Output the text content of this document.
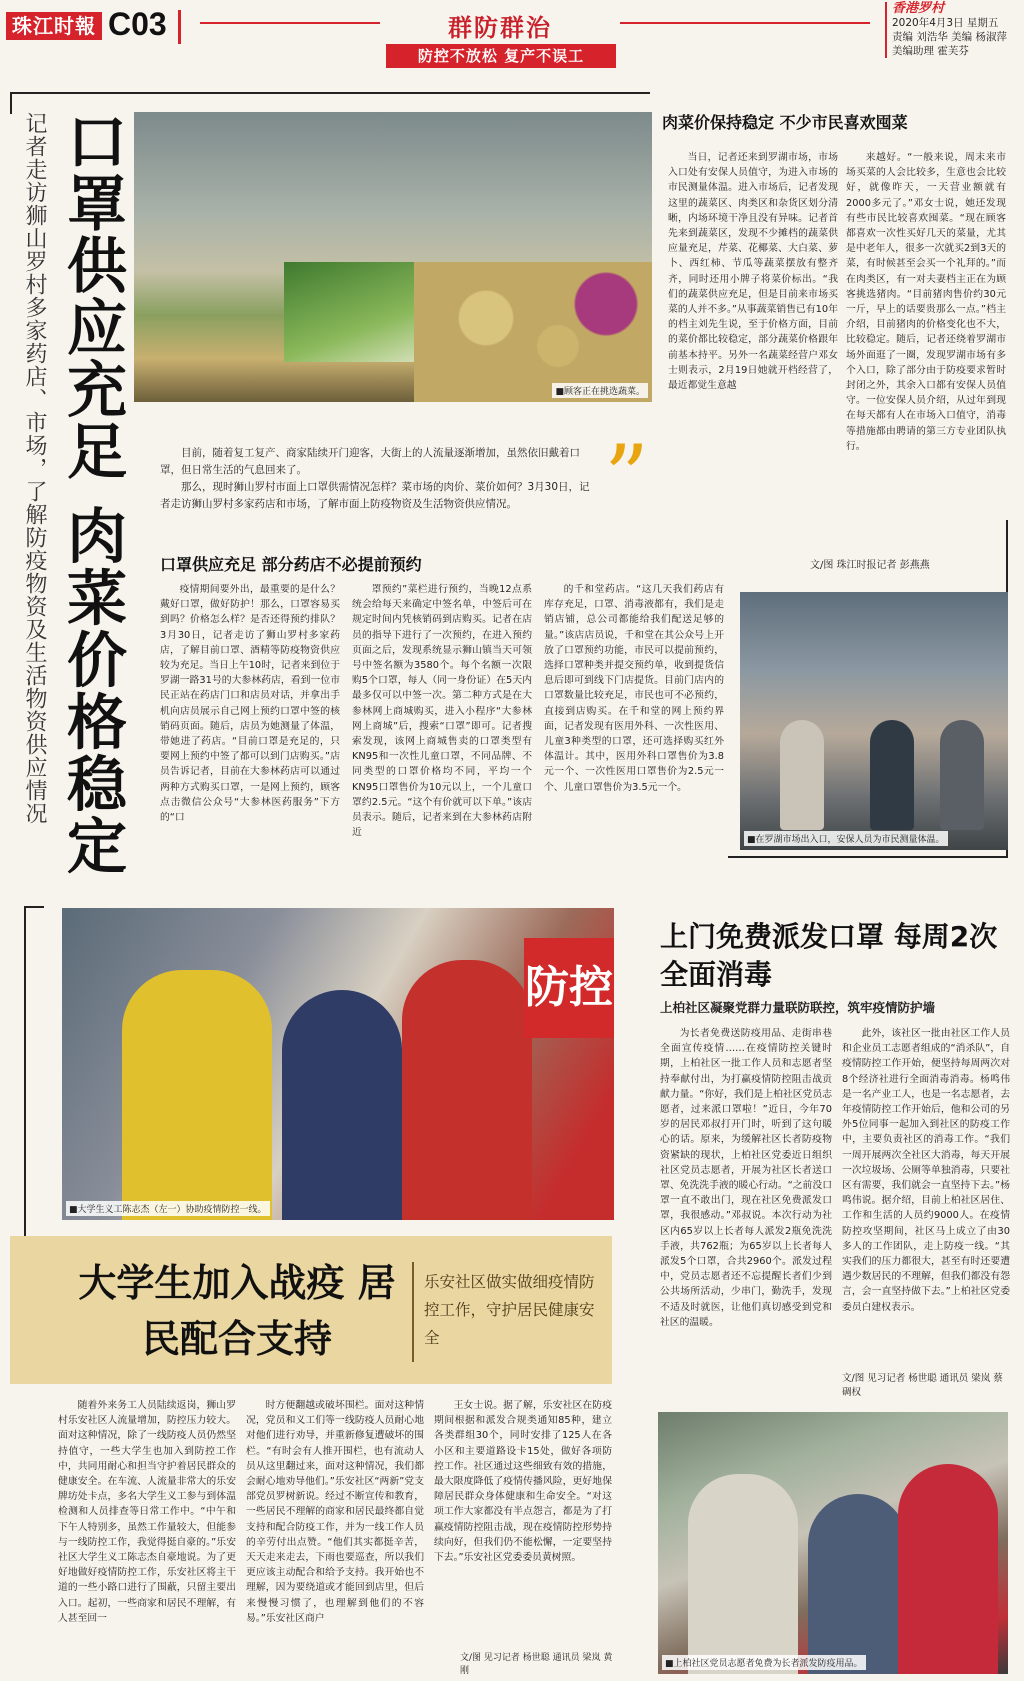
珠江时報 C03	群防群治
防控不放松 复产不误工
香港罗村
2020年4月3日 星期五
责编 刘浩华 美编 杨淑萍
美编助理 霍芙芬
记者走访狮山罗村多家药店、市场，了解防疫物资及生活物资供应情况 口罩供应充足 肉菜价格稳定	■顾客正在挑选蔬菜。

目前，随着复工复产、商家陆续开门迎客，大街上的人流量逐渐增加，虽然依旧戴着口罩，但日常生活的气息回来了。

那么，现时狮山罗村市面上口罩供需情况怎样？菜市场的肉价、菜价如何？3月30日，记者走访狮山罗村多家药店和市场，了解市面上防疫物资及生活物资供应情况。 ”
肉菜价保持稳定 不少市民喜欢囤菜
当日，记者还来到罗湖市场，市场入口处有安保人员值守，为进入市场的市民测量体温。进入市场后，记者发现这里的蔬菜区、肉类区和杂货区划分清晰，内场环境干净且没有异味。记者首先来到蔬菜区，发现不少摊档的蔬菜供应量充足，芹菜、花椰菜、大白菜、萝卜、西红柿、节瓜等蔬菜摆放有整齐齐，同时还用小牌子将菜价标出。“我们的蔬菜供应充足，但是目前来市场买菜的人并不多。”从事蔬菜销售已有10年的档主刘先生说，至于价格方面，目前的菜价都比较稳定，部分蔬菜价格跟年前基本持平。另外一名蔬菜经营户邓女士则表示，2月19日她就开档经营了，最近都觉生意越
来越好。“一般来说，周末来市场买菜的人会比较多，生意也会比较好，就像昨天，一天营业额就有2000多元了。”邓女士说，她还发现有些市民比较喜欢囤菜。“现在顾客都喜欢一次性买好几天的菜量，尤其是中老年人，很多一次就买2到3天的菜，有时候甚至会买一个礼拜的。”而在肉类区，有一对夫妻档主正在为顾客挑选猪肉。“目前猪肉售价约30元一斤，早上的话要贵那么一点。”档主介绍，目前猪肉的价格变化也不大，比较稳定。随后，记者还绕着罗湖市场外面逛了一圈，发现罗湖市场有多个入口，除了部分由于防疫要求暂时封闭之外，其余入口都有安保人员值守。一位安保人员介绍，从过年到现在每天都有人在市场入口值守，消毒等措施都由聘请的第三方专业团队执行。
文/图 珠江时报记者 彭燕燕
口罩供应充足 部分药店不必提前预约
疫情期间要外出，最重要的是什么？戴好口罩，做好防护！那么，口罩容易买到吗？价格怎么样？是否还得预约排队？3月30日，记者走访了狮山罗村多家药店，了解目前口罩、酒精等防疫物资供应较为充足。当日上午10时，记者来到位于罗湖一路31号的大参林药店，看到一位市民正站在药店门口和店员对话，并拿出手机向店员展示自己网上预约口罩中签的核销码页面。随后，店员为她测量了体温，带她进了药店。“目前口罩是充足的，只要网上预约中签了都可以到门店购买。”店员告诉记者，目前在大参林药店可以通过两种方式购买口罩，一是网上预约，顾客点击微信公众号“大参林医药服务”下方的“口
罩预约”菜栏进行预约，当晚12点系统会给每天来确定中签名单，中签后可在规定时间内凭核销码到店购买。记者在店员的指导下进行了一次预约，在进入预约页面之后，发现系统显示狮山镇当天可领号中签名额为3580个。每个名额一次限购5个口罩，每人（同一身份证）在5天内最多仅可以中签一次。第二种方式是在大参林网上商城购买，进入小程序“大参林网上商城”后，搜索“口罩”即可。记者搜索发现，该网上商城售卖的口罩类型有KN95和一次性儿童口罩，不同品牌、不同类型的口罩价格均不同，平均一个KN95口罩售价为10元以上，一个儿童口罩约2.5元。“这个有价就可以下单。”该店员表示。随后，记者来到在大参林药店附近
的千和堂药店。“这几天我们药店有库存充足，口罩、消毒液都有，我们是走销店铺，总公司都能给我们配送足够的量。”该店店员说，千和堂在其公众号上开放了口罩预约功能，市民可以提前预约，选择口罩种类并提交预约单，收到提货信息后即可到线下门店提货。目前门店内的口罩数量比较充足，市民也可不必预约，直接到店购买。在千和堂的网上预约界面，记者发现有医用外科、一次性医用、儿童3种类型的口罩，还可选择购买红外体温计。其中，医用外科口罩售价为3.8元一个、一次性医用口罩售价为2.5元一个、儿童口罩售价为3.5元一个。
■在罗湖市场出入口，安保人员为市民测量体温。
防控
■大学生义工陈志杰（左一）协助疫情防控一线。
大学生加入战疫 居民配合支持
乐安社区做实做细疫情防控工作，守护居民健康安全
随着外来务工人员陆续返岗，狮山罗村乐安社区人流量增加，防控压力较大。面对这种情况，除了一线防疫人员仍然坚持值守，一些大学生也加入到防控工作中，共同用耐心和担当守护着居民群众的健康安全。在车流、人流量非常大的乐安牌坊处卡点，多名大学生义工参与到体温检测和人员排查等日常工作中。“中午和下午人特别多，虽然工作量较大，但能参与一线防控工作，我觉得挺自豪的。”乐安社区大学生义工陈志杰自豪地说。为了更好地做好疫情防控工作，乐安社区将主干道的一些小路口进行了围蔽，只留主要出入口。起初，一些商家和居民不理解，有人甚至回一
时方便翻越或破坏围栏。面对这种情况，党员和义工们等一线防疫人员耐心地对他们进行劝导，并重新修复遭破坏的围栏。“有时会有人推开围栏，也有流动人员从这里翻过来，面对这种情况，我们都会耐心地劝导他们。”乐安社区“两新”党支部党员罗树新说。经过不断宣传和教育，一些居民不理解的商家和居民最终都自觉支持和配合防疫工作，并为一线工作人员的辛劳付出点赞。“他们其实都挺辛苦，天天走来走去，下雨也要巡查，所以我们更应该主动配合和给予支持。我开始也不理解，因为要绕道或才能回到店里，但后来慢慢习惯了，也理解到他们的不容易。”乐安社区商户
王女士说。据了解，乐安社区在防疫期间根据和派发合规类通知85种，建立各类群组30个，同时安排了125人在各小区和主要道路设卡15处，做好各项防控工作。社区通过这些细致有效的措施，最大限度降低了疫情传播风险，更好地保障居民群众身体健康和生命安全。“对这项工作大家都没有半点怨言，都是为了打赢疫情防控阻击战，现在疫情防控形势持续向好，但我们仍不能松懈，一定要坚持下去。”乐安社区党委委员黄树照。
文/图 见习记者 杨世聪 通讯员 梁岚 黄刚
上门免费派发口罩 每周2次全面消毒
上柏社区凝聚党群力量联防联控，筑牢疫情防护墙
为长者免费送防疫用品、走街串巷全面宣传疫情……在疫情防控关键时期，上柏社区一批工作人员和志愿者坚持奉献付出，为打赢疫情防控阻击战贡献力量。“你好，我们是上柏社区党员志愿者，过来派口罩啦！”近日，今年70岁的居民邓叔打开门时，听到了这句暖心的话。原来，为缓解社区长者防疫物资紧缺的现状，上柏社区党委近日组织社区党员志愿者，开展为社区长者送口罩、免洗洗手液的暖心行动。“之前没口罩一直不敢出门，现在社区免费派发口罩，我很感动。”邓叔说。本次行动为社区内65岁以上长者每人派发2瓶免洗洗手液，共762瓶；为65岁以上长者每人派发5个口罩，合共2960个。派发过程中，党员志愿者还不忘提醒长者们少到公共场所活动，少串门，勤洗手，发现不适及时就医，让他们真切感受到党和社区的温暖。
此外，该社区一批由社区工作人员和企业员工志愿者组成的“消杀队”，自疫情防控工作开始，便坚持每周两次对8个经济社进行全面消毒消毒。杨鸣伟是一名产业工人，也是一名志愿者，去年疫情防控工作开始后，他和公司的另外5位同事一起加入到社区的防疫工作中，主要负责社区的消毒工作。“我们一周开展两次全社区大消毒，每天开展一次垃圾场、公厕等单独消毒，只要社区有需要，我们就会一直坚持下去。”杨鸣伟说。据介绍，目前上柏社区居住、工作和生活的人员约9000人。在疫情防控攻坚期间，社区马上成立了由30多人的工作团队，走上防疫一线。“其实我们的压力都很大，甚至有时还要遭遇少数居民的不理解，但我们都没有怨言，会一直坚持做下去。”上柏社区党委委员白建权表示。
文/图 见习记者 杨世聪 通讯员 梁岚 蔡碉权
■上柏社区党员志愿者免费为长者派发防疫用品。
